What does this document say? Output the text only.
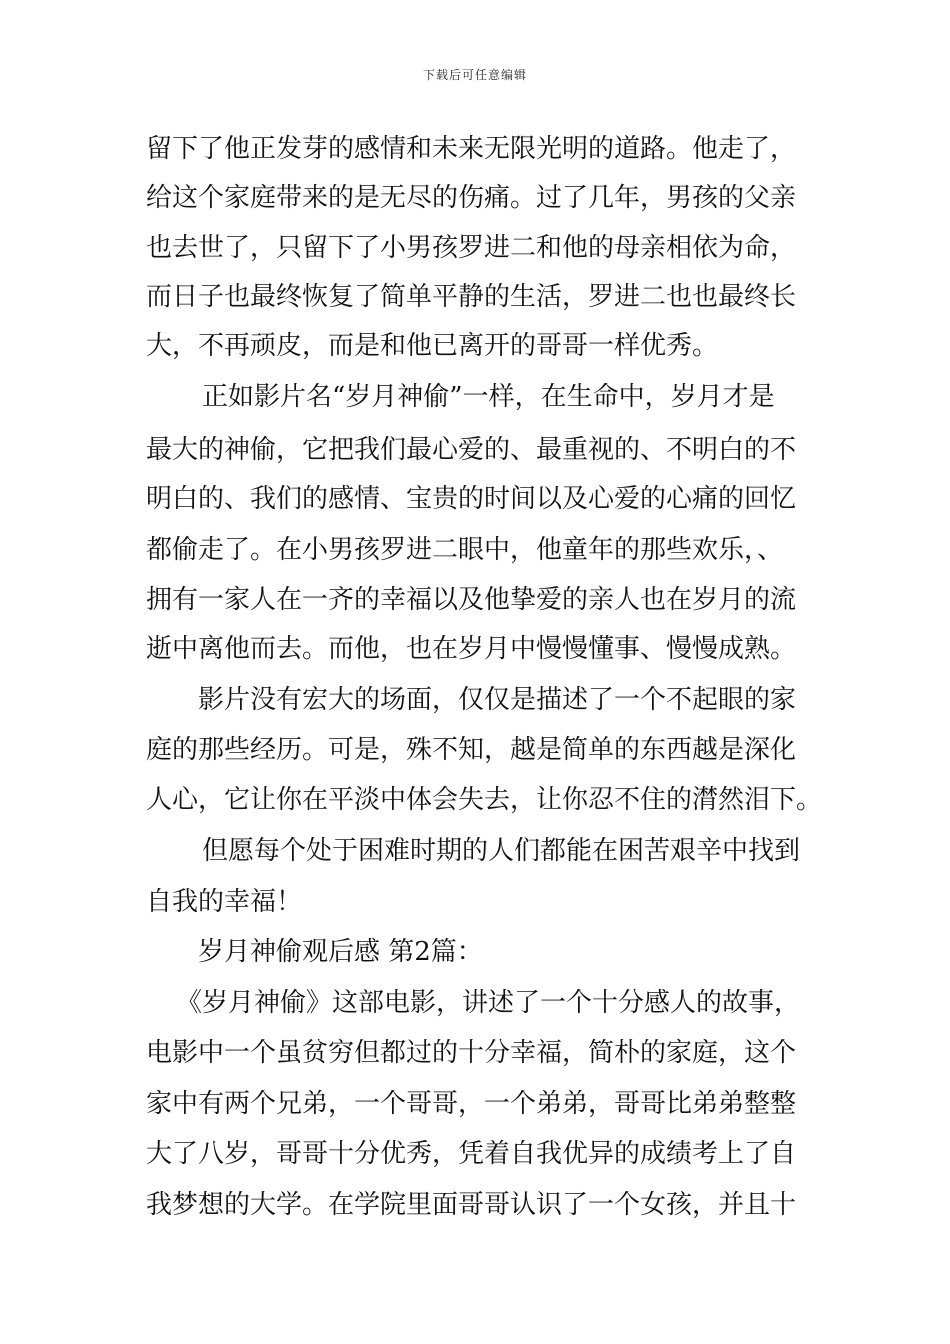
下载后可任意编辑
留下了他正发芽的感情和未来无限光明的道路。他走了，
给这个家庭带来的是无尽的伤痛。过了几年，男孩的父亲
也去世了，只留下了小男孩罗进二和他的母亲相依为命，
而日子也最终恢复了简单平静的生活，罗进二也也最终长
大，不再顽皮，而是和他已离开的哥哥一样优秀。
正如影片名“岁月神偷”一样，在生命中，岁月才是
最大的神偷，它把我们最心爱的、最重视的、不明白的不
明白的、我们的感情、宝贵的时间以及心爱的心痛的回忆
都偷走了。在小男孩罗进二眼中，他童年的那些欢乐，、
拥有一家人在一齐的幸福以及他挚爱的亲人也在岁月的流
逝中离他而去。而他，也在岁月中慢慢懂事、慢慢成熟。
影片没有宏大的场面，仅仅是描述了一个不起眼的家
庭的那些经历。可是，殊不知，越是简单的东西越是深化
人心，它让你在平淡中体会失去，让你忍不住的潸然泪下。
但愿每个处于困难时期的人们都能在困苦艰辛中找到
自我的幸福！
岁月神偷观后感 第2篇：
《岁月神偷》这部电影，讲述了一个十分感人的故事，
电影中一个虽贫穷但都过的十分幸福，简朴的家庭，这个
家中有两个兄弟，一个哥哥，一个弟弟，哥哥比弟弟整整
大了八岁，哥哥十分优秀，凭着自我优异的成绩考上了自
我梦想的大学。在学院里面哥哥认识了一个女孩，并且十
